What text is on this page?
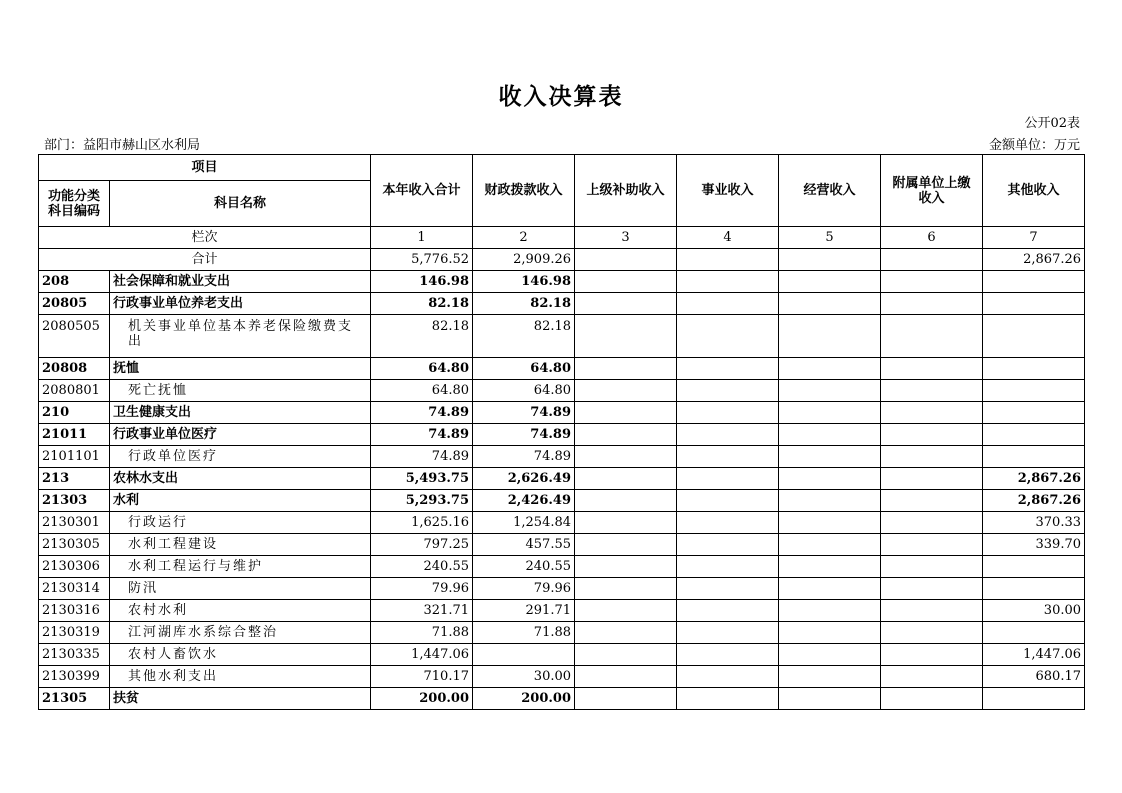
收入决算表
公开02表
部门：益阳市赫山区水利局	金额单位：万元
项目		本年收入合计	财政拨款收入	上级补助收入	事业收入	经营收入	附属单位上缴收入	其他收入
功能分类科目编码	科目名称							
栏次		1	2	3	4	5	6	7
合计		5,776.52	2,909.26					2,867.26
208	社会保障和就业支出	146.98	146.98					
20805	行政事业单位养老支出	82.18	82.18					
2080505	机关事业单位基本养老保险缴费支出	82.18	82.18					
20808	抚恤	64.80	64.80					
2080801	死亡抚恤	64.80	64.80					
210	卫生健康支出	74.89	74.89					
21011	行政事业单位医疗	74.89	74.89					
2101101	行政单位医疗	74.89	74.89					
213	农林水支出	5,493.75	2,626.49					2,867.26
21303	水利	5,293.75	2,426.49					2,867.26
2130301	行政运行	1,625.16	1,254.84					370.33
2130305	水利工程建设	797.25	457.55					339.70
2130306	水利工程运行与维护	240.55	240.55					
2130314	防汛	79.96	79.96					
2130316	农村水利	321.71	291.71					30.00
2130319	江河湖库水系综合整治	71.88	71.88					
2130335	农村人畜饮水	1,447.06						1,447.06
2130399	其他水利支出	710.17	30.00					680.17
21305	扶贫	200.00	200.00					
